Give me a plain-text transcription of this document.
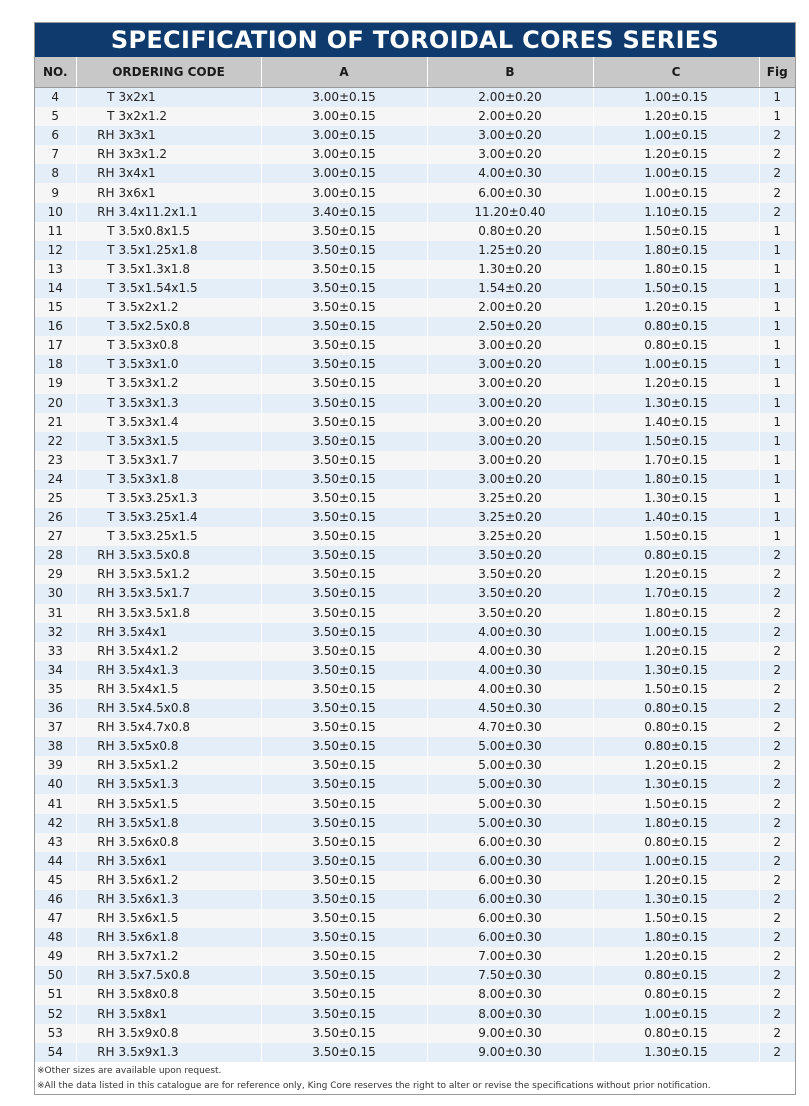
SPECIFICATION OF TOROIDAL CORES SERIES
NO.	ORDERING CODE	A	B	C	Fig
4	T 3x2x1	3.00±0.15	2.00±0.20	1.00±0.15	1
5	T 3x2x1.2	3.00±0.15	2.00±0.20	1.20±0.15	1
6	RH 3x3x1	3.00±0.15	3.00±0.20	1.00±0.15	2
7	RH 3x3x1.2	3.00±0.15	3.00±0.20	1.20±0.15	2
8	RH 3x4x1	3.00±0.15	4.00±0.30	1.00±0.15	2
9	RH 3x6x1	3.00±0.15	6.00±0.30	1.00±0.15	2
10	RH 3.4x11.2x1.1	3.40±0.15	11.20±0.40	1.10±0.15	2
11	T 3.5x0.8x1.5	3.50±0.15	0.80±0.20	1.50±0.15	1
12	T 3.5x1.25x1.8	3.50±0.15	1.25±0.20	1.80±0.15	1
13	T 3.5x1.3x1.8	3.50±0.15	1.30±0.20	1.80±0.15	1
14	T 3.5x1.54x1.5	3.50±0.15	1.54±0.20	1.50±0.15	1
15	T 3.5x2x1.2	3.50±0.15	2.00±0.20	1.20±0.15	1
16	T 3.5x2.5x0.8	3.50±0.15	2.50±0.20	0.80±0.15	1
17	T 3.5x3x0.8	3.50±0.15	3.00±0.20	0.80±0.15	1
18	T 3.5x3x1.0	3.50±0.15	3.00±0.20	1.00±0.15	1
19	T 3.5x3x1.2	3.50±0.15	3.00±0.20	1.20±0.15	1
20	T 3.5x3x1.3	3.50±0.15	3.00±0.20	1.30±0.15	1
21	T 3.5x3x1.4	3.50±0.15	3.00±0.20	1.40±0.15	1
22	T 3.5x3x1.5	3.50±0.15	3.00±0.20	1.50±0.15	1
23	T 3.5x3x1.7	3.50±0.15	3.00±0.20	1.70±0.15	1
24	T 3.5x3x1.8	3.50±0.15	3.00±0.20	1.80±0.15	1
25	T 3.5x3.25x1.3	3.50±0.15	3.25±0.20	1.30±0.15	1
26	T 3.5x3.25x1.4	3.50±0.15	3.25±0.20	1.40±0.15	1
27	T 3.5x3.25x1.5	3.50±0.15	3.25±0.20	1.50±0.15	1
28	RH 3.5x3.5x0.8	3.50±0.15	3.50±0.20	0.80±0.15	2
29	RH 3.5x3.5x1.2	3.50±0.15	3.50±0.20	1.20±0.15	2
30	RH 3.5x3.5x1.7	3.50±0.15	3.50±0.20	1.70±0.15	2
31	RH 3.5x3.5x1.8	3.50±0.15	3.50±0.20	1.80±0.15	2
32	RH 3.5x4x1	3.50±0.15	4.00±0.30	1.00±0.15	2
33	RH 3.5x4x1.2	3.50±0.15	4.00±0.30	1.20±0.15	2
34	RH 3.5x4x1.3	3.50±0.15	4.00±0.30	1.30±0.15	2
35	RH 3.5x4x1.5	3.50±0.15	4.00±0.30	1.50±0.15	2
36	RH 3.5x4.5x0.8	3.50±0.15	4.50±0.30	0.80±0.15	2
37	RH 3.5x4.7x0.8	3.50±0.15	4.70±0.30	0.80±0.15	2
38	RH 3.5x5x0.8	3.50±0.15	5.00±0.30	0.80±0.15	2
39	RH 3.5x5x1.2	3.50±0.15	5.00±0.30	1.20±0.15	2
40	RH 3.5x5x1.3	3.50±0.15	5.00±0.30	1.30±0.15	2
41	RH 3.5x5x1.5	3.50±0.15	5.00±0.30	1.50±0.15	2
42	RH 3.5x5x1.8	3.50±0.15	5.00±0.30	1.80±0.15	2
43	RH 3.5x6x0.8	3.50±0.15	6.00±0.30	0.80±0.15	2
44	RH 3.5x6x1	3.50±0.15	6.00±0.30	1.00±0.15	2
45	RH 3.5x6x1.2	3.50±0.15	6.00±0.30	1.20±0.15	2
46	RH 3.5x6x1.3	3.50±0.15	6.00±0.30	1.30±0.15	2
47	RH 3.5x6x1.5	3.50±0.15	6.00±0.30	1.50±0.15	2
48	RH 3.5x6x1.8	3.50±0.15	6.00±0.30	1.80±0.15	2
49	RH 3.5x7x1.2	3.50±0.15	7.00±0.30	1.20±0.15	2
50	RH 3.5x7.5x0.8	3.50±0.15	7.50±0.30	0.80±0.15	2
51	RH 3.5x8x0.8	3.50±0.15	8.00±0.30	0.80±0.15	2
52	RH 3.5x8x1	3.50±0.15	8.00±0.30	1.00±0.15	2
53	RH 3.5x9x0.8	3.50±0.15	9.00±0.30	0.80±0.15	2
54	RH 3.5x9x1.3	3.50±0.15	9.00±0.30	1.30±0.15	2
※Other sizes are available upon request.
※All the data listed in this catalogue are for reference only, King Core reserves the right to alter or revise the specifications without prior notification.
